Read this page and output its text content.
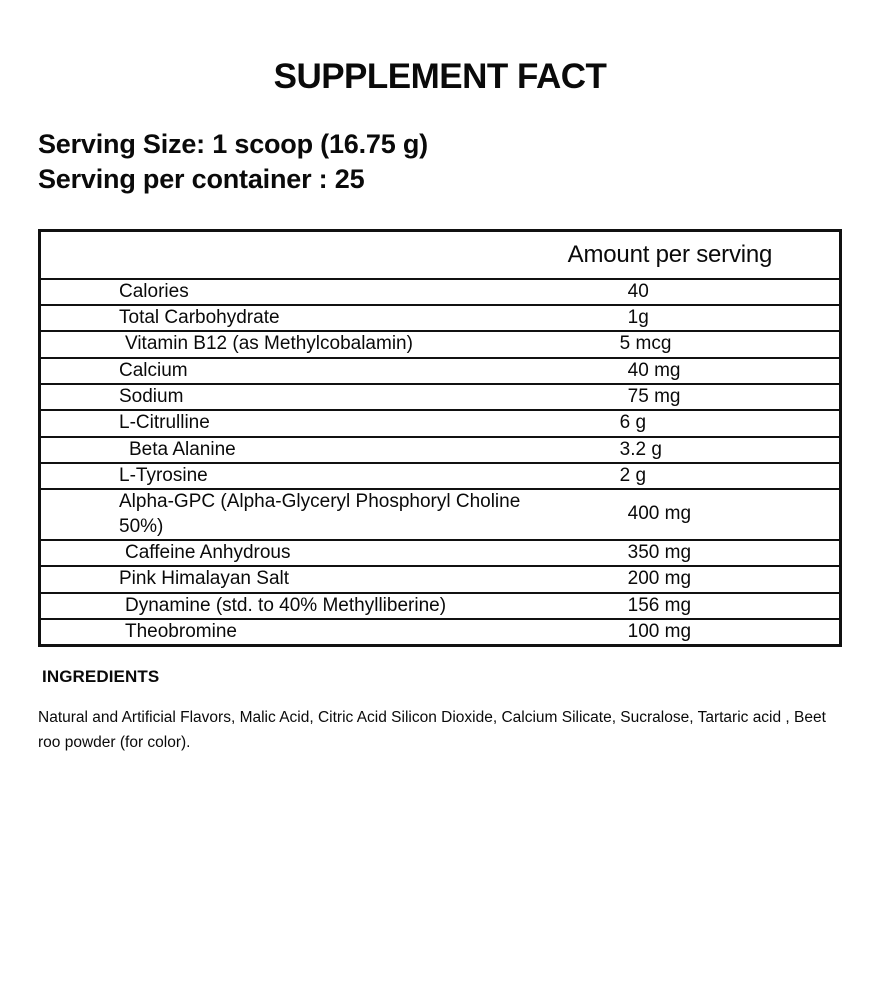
SUPPLEMENT FACT
Serving Size: 1 scoop (16.75 g)
Serving per container : 25
	Amount per serving
Calories	40
Total Carbohydrate	1g
Vitamin B12 (as Methylcobalamin)	5 mcg
Calcium	40 mg
Sodium	75 mg
L-Citrulline	6 g
Beta Alanine	3.2 g
L-Tyrosine	2 g
Alpha-GPC (Alpha-Glyceryl Phosphoryl Choline 50%)	400 mg
Caffeine Anhydrous	350 mg
Pink Himalayan Salt	200 mg
Dynamine (std. to 40% Methylliberine)	156 mg
Theobromine	100 mg
INGREDIENTS
Natural and Artificial Flavors, Malic Acid, Citric Acid Silicon Dioxide, Calcium Silicate, Sucralose, Tartaric acid , Beet roo powder (for color).
